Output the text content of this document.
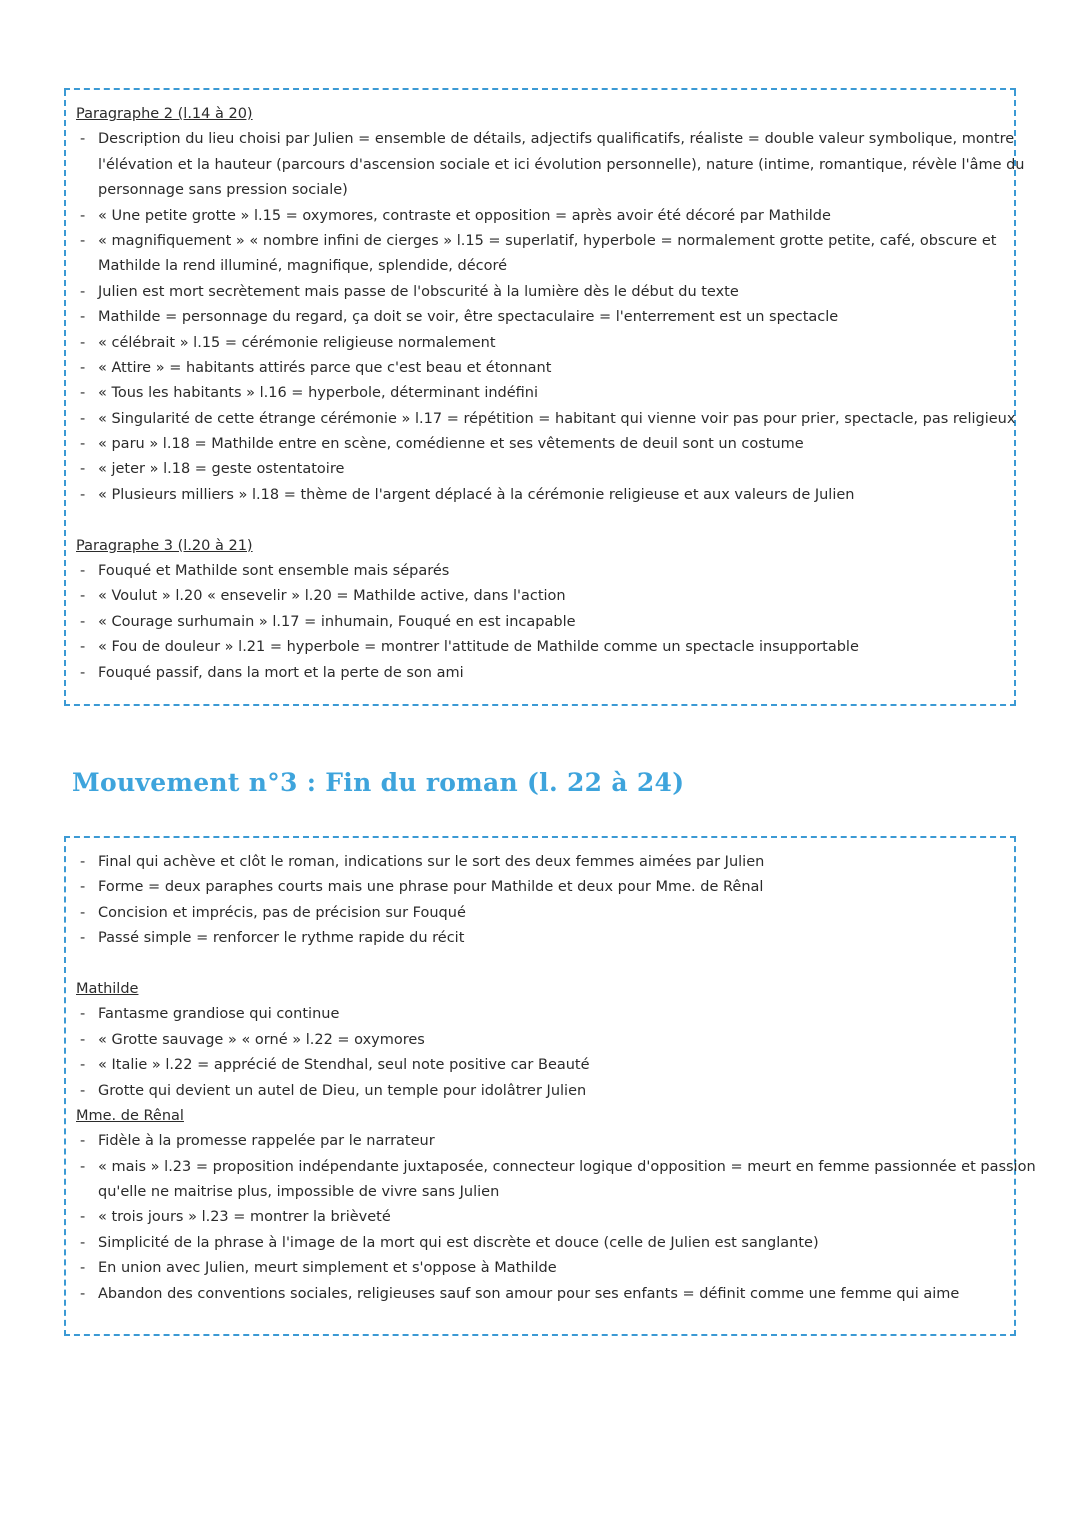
Paragraphe 2 (l.14 à 20)
- Description du lieu choisi par Julien = ensemble de détails, adjectifs qualificatifs, réaliste = double valeur symbolique, montre
l'élévation et la hauteur (parcours d'ascension sociale et ici évolution personnelle), nature (intime, romantique, révèle l'âme du
personnage sans pression sociale)
- « Une petite grotte » l.15 = oxymores, contraste et opposition = après avoir été décoré par Mathilde
- « magnifiquement » « nombre infini de cierges » l.15 = superlatif, hyperbole = normalement grotte petite, café, obscure et
Mathilde la rend illuminé, magnifique, splendide, décoré
- Julien est mort secrètement mais passe de l'obscurité à la lumière dès le début du texte
- Mathilde = personnage du regard, ça doit se voir, être spectaculaire = l'enterrement est un spectacle
- « célébrait » l.15 = cérémonie religieuse normalement
- « Attire » = habitants attirés parce que c'est beau et étonnant
- « Tous les habitants » l.16 = hyperbole, déterminant indéfini
- « Singularité de cette étrange cérémonie » l.17 = répétition = habitant qui vienne voir pas pour prier, spectacle, pas religieux
- « paru » l.18 = Mathilde entre en scène, comédienne et ses vêtements de deuil sont un costume
- « jeter » l.18 = geste ostentatoire
- « Plusieurs milliers » l.18 = thème de l'argent déplacé à la cérémonie religieuse et aux valeurs de Julien
Paragraphe 3 (l.20 à 21)
- Fouqué et Mathilde sont ensemble mais séparés
- « Voulut » l.20 « ensevelir » l.20 = Mathilde active, dans l'action
- « Courage surhumain » l.17 = inhumain, Fouqué en est incapable
- « Fou de douleur » l.21 = hyperbole = montrer l'attitude de Mathilde comme un spectacle insupportable
- Fouqué passif, dans la mort et la perte de son ami
Mouvement n°3 : Fin du roman (l. 22 à 24)
- Final qui achève et clôt le roman, indications sur le sort des deux femmes aimées par Julien
- Forme = deux paraphes courts mais une phrase pour Mathilde et deux pour Mme. de Rênal
- Concision et imprécis, pas de précision sur Fouqué
- Passé simple = renforcer le rythme rapide du récit
Mathilde
- Fantasme grandiose qui continue
- « Grotte sauvage » « orné » l.22 = oxymores
- « Italie » l.22 = apprécié de Stendhal, seul note positive car Beauté
- Grotte qui devient un autel de Dieu, un temple pour idolâtrer Julien
Mme. de Rênal
- Fidèle à la promesse rappelée par le narrateur
- « mais » l.23 = proposition indépendante juxtaposée, connecteur logique d'opposition = meurt en femme passionnée et passion
qu'elle ne maitrise plus, impossible de vivre sans Julien
- « trois jours » l.23 = montrer la brièveté
- Simplicité de la phrase à l'image de la mort qui est discrète et douce (celle de Julien est sanglante)
- En union avec Julien, meurt simplement et s'oppose à Mathilde
- Abandon des conventions sociales, religieuses sauf son amour pour ses enfants = définit comme une femme qui aime
